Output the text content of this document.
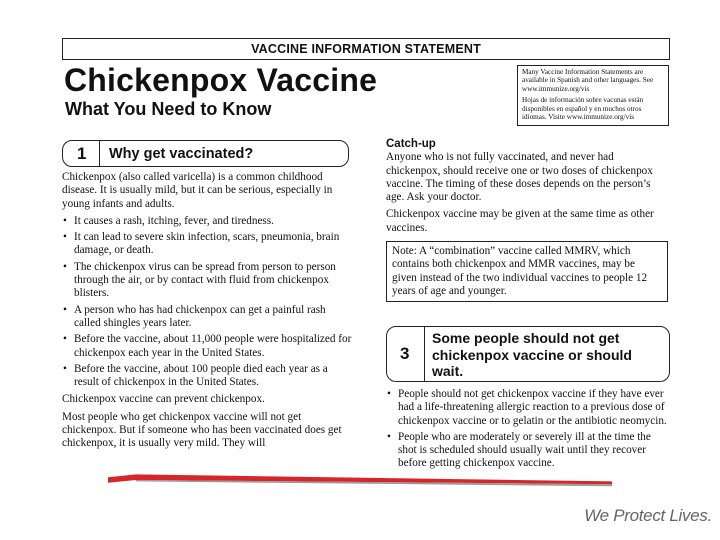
VACCINE INFORMATION STATEMENT
Chickenpox Vaccine
What You Need to Know

Many Vaccine Information Statements are available in Spanish and other languages. See www.immunize.org/vis

Hojas de información sobre vacunas están disponibles en español y en muchos otros idiomas. Visite www.immunize.org/vis

1 Why get vaccinated?

Chickenpox (also called varicella) is a common childhood disease. It is usually mild, but it can be serious, especially in young infants and adults.

• It causes a rash, itching, fever, and tiredness.
• It can lead to severe skin infection, scars, pneumonia, brain damage, or death.
• The chickenpox virus can be spread from person to person through the air, or by contact with fluid from chickenpox blisters.
• A person who has had chickenpox can get a painful rash called shingles years later.
• Before the vaccine, about 11,000 people were hospitalized for chickenpox each year in the United States.
• Before the vaccine, about 100 people died each year as a result of chickenpox in the United States.

Chickenpox vaccine can prevent chickenpox.

Most people who get chickenpox vaccine will not get chickenpox. But if someone who has been vaccinated does get chickenpox, it is usually very mild. They will

Catch-up

Anyone who is not fully vaccinated, and never had chickenpox, should receive one or two doses of chickenpox vaccine. The timing of these doses depends on the person’s age. Ask your doctor.

Chickenpox vaccine may be given at the same time as other vaccines.

Note: A “combination” vaccine called MMRV, which contains both chickenpox and MMR vaccines, may be given instead of the two individual vaccines to people 12 years of age and younger.
3
Some people should not get chickenpox vaccine or should wait.
• People should not get chickenpox vaccine if they have ever had a life-threatening allergic reaction to a previous dose of chickenpox vaccine or to gelatin or the antibiotic neomycin.
• People who are moderately or severely ill at the time the shot is scheduled should usually wait until they recover before getting chickenpox vaccine.
We Protect Lives.
